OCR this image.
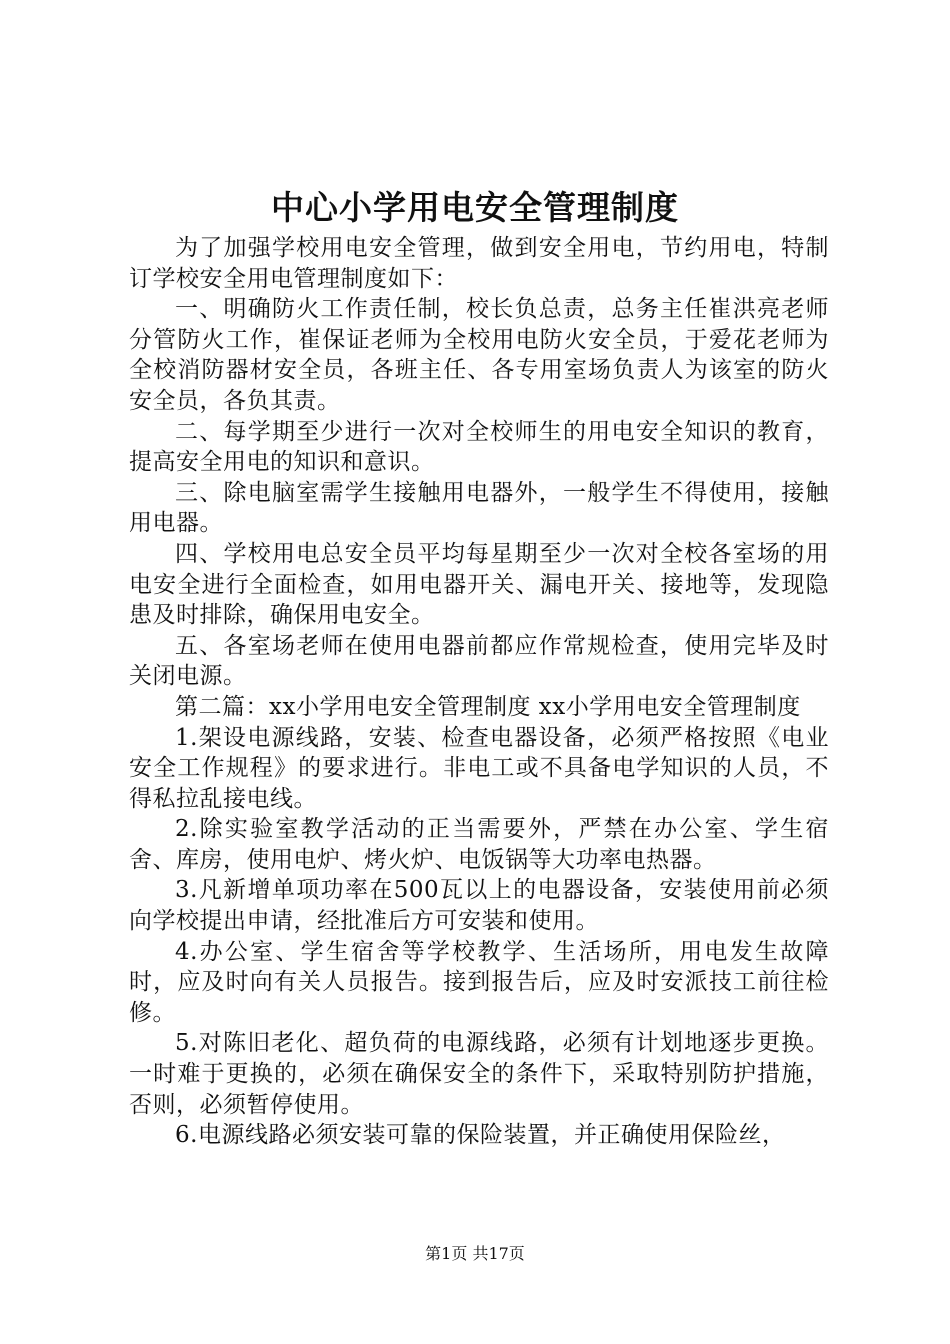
中心小学用电安全管理制度

为了加强学校用电安全管理，做到安全用电，节约用电，特制订学校安全用电管理制度如下：

一、明确防火工作责任制，校长负总责，总务主任崔洪亮老师分管防火工作，崔保证老师为全校用电防火安全员，于爱花老师为全校消防器材安全员，各班主任、各专用室场负责人为该室的防火安全员，各负其责。

二、每学期至少进行一次对全校师生的用电安全知识的教育，提高安全用电的知识和意识。

三、除电脑室需学生接触用电器外，一般学生不得使用，接触用电器。

四、学校用电总安全员平均每星期至少一次对全校各室场的用电安全进行全面检查，如用电器开关、漏电开关、接地等，发现隐患及时排除，确保用电安全。

五、各室场老师在使用电器前都应作常规检查，使用完毕及时关闭电源。

第二篇：xx小学用电安全管理制度 xx小学用电安全管理制度

1.架设电源线路，安装、检查电器设备，必须严格按照《电业安全工作规程》的要求进行。非电工或不具备电学知识的人员，不得私拉乱接电线。

2.除实验室教学活动的正当需要外，严禁在办公室、学生宿舍、库房，使用电炉、烤火炉、电饭锅等大功率电热器。

3.凡新增单项功率在500瓦以上的电器设备，安装使用前必须向学校提出申请，经批准后方可安装和使用。

4.办公室、学生宿舍等学校教学、生活场所，用电发生故障时，应及时向有关人员报告。接到报告后，应及时安派技工前往检修。

5.对陈旧老化、超负荷的电源线路，必须有计划地逐步更换。一时难于更换的，必须在确保安全的条件下，采取特别防护措施，否则，必须暂停使用。

6.电源线路必须安装可靠的保险装置，并正确使用保险丝，

第1页 共17页
